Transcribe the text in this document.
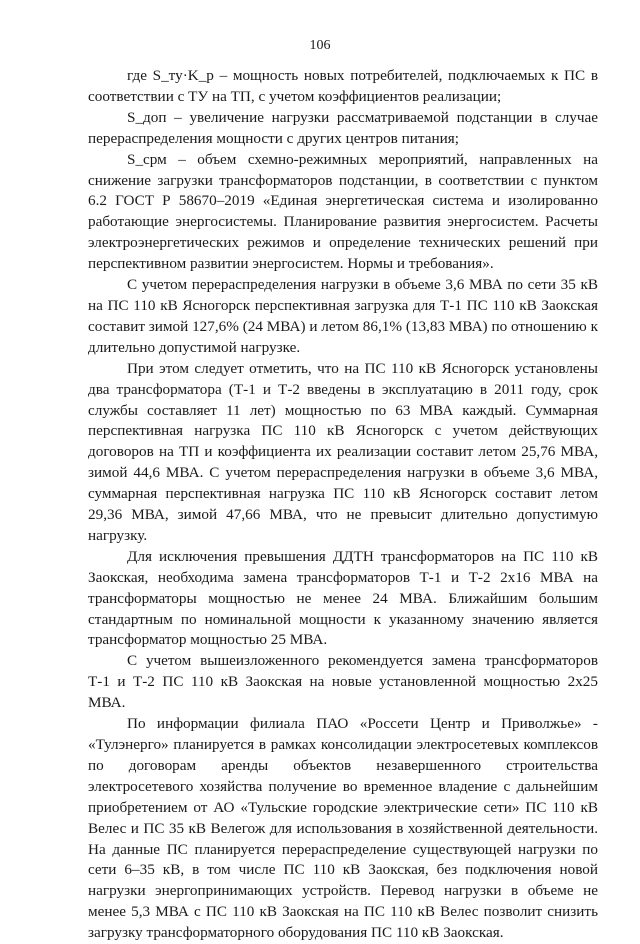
106

где S_ту·K_р – мощность новых потребителей, подключаемых к ПС в соответствии с ТУ на ТП, с учетом коэффициентов реализации;

S_доп – увеличение нагрузки рассматриваемой подстанции в случае перераспределения мощности с других центров питания;

S_срм – объем схемно-режимных мероприятий, направленных на снижение загрузки трансформаторов подстанции, в соответствии с пунктом 6.2 ГОСТ Р 58670–2019 «Единая энергетическая система и изолированно работающие энергосистемы. Планирование развития энергосистем. Расчеты электроэнергетических режимов и определение технических решений при перспективном развитии энергосистем. Нормы и требования».

С учетом перераспределения нагрузки в объеме 3,6 МВА по сети 35 кВ на ПС 110 кВ Ясногорск перспективная загрузка для Т-1 ПС 110 кВ Заокская составит зимой 127,6% (24 МВА) и летом 86,1% (13,83 МВА) по отношению к длительно допустимой нагрузке.

При этом следует отметить, что на ПС 110 кВ Ясногорск установлены два трансформатора (Т-1 и Т-2 введены в эксплуатацию в 2011 году, срок службы составляет 11 лет) мощностью по 63 МВА каждый. Суммарная перспективная нагрузка ПС 110 кВ Ясногорск с учетом действующих договоров на ТП и коэффициента их реализации составит летом 25,76 МВА, зимой 44,6 МВА. С учетом перераспределения нагрузки в объеме 3,6 МВА, суммарная перспективная нагрузка ПС 110 кВ Ясногорск составит летом 29,36 МВА, зимой 47,66 МВА, что не превысит длительно допустимую нагрузку.

Для исключения превышения ДДТН трансформаторов на ПС 110 кВ Заокская, необходима замена трансформаторов Т-1 и Т-2 2х16 МВА на трансформаторы мощностью не менее 24 МВА. Ближайшим большим стандартным по номинальной мощности к указанному значению является трансформатор мощностью 25 МВА.

С учетом вышеизложенного рекомендуется замена трансформаторов Т-1 и Т-2 ПС 110 кВ Заокская на новые установленной мощностью 2х25 МВА.

По информации филиала ПАО «Россети Центр и Приволжье» - «Тулэнерго» планируется в рамках консолидации электросетевых комплексов по договорам аренды объектов незавершенного строительства электросетевого хозяйства получение во временное владение с дальнейшим приобретением от АО «Тульские городские электрические сети» ПС 110 кВ Велес и ПС 35 кВ Велегож для использования в хозяйственной деятельности. На данные ПС планируется перераспределение существующей нагрузки по сети 6–35 кВ, в том числе ПС 110 кВ Заокская, без подключения новой нагрузки энергопринимающих устройств. Перевод нагрузки в объеме не менее 5,3 МВА с ПС 110 кВ Заокская на ПС 110 кВ Велес позволит снизить загрузку трансформаторного оборудования ПС 110 кВ Заокская.
